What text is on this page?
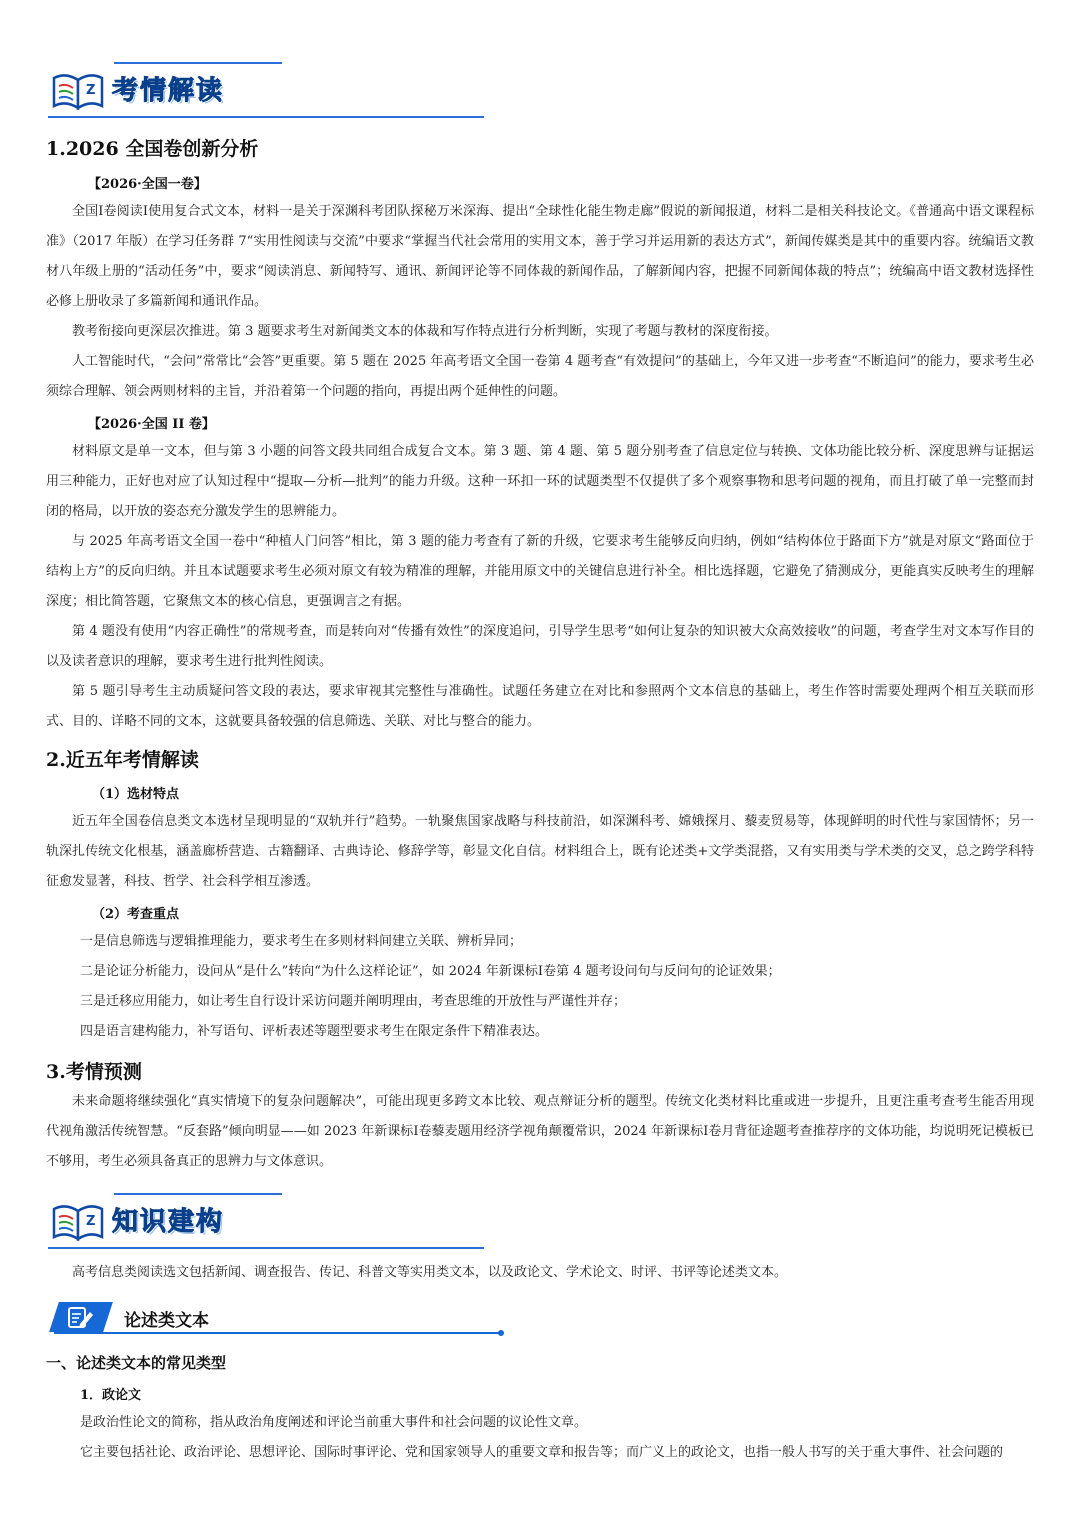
Z 考情解读
1.2026 全国卷创新分析
【2026·全国一卷】
全国Ⅰ卷阅读Ⅰ使用复合式文本，材料一是关于深渊科考团队探秘万米深海、提出“全球性化能生物走廊”假说的新闻报道，材料二是相关科技论文。《普通高中语文课程标准》（2017 年版）在学习任务群 7“实用性阅读与交流”中要求“掌握当代社会常用的实用文本，善于学习并运用新的表达方式”，新闻传媒类是其中的重要内容。统编语文教材八年级上册的“活动任务”中，要求“阅读消息、新闻特写、通讯、新闻评论等不同体裁的新闻作品，了解新闻内容，把握不同新闻体裁的特点”；统编高中语文教材选择性必修上册收录了多篇新闻和通讯作品。
教考衔接向更深层次推进。第 3 题要求考生对新闻类文本的体裁和写作特点进行分析判断，实现了考题与教材的深度衔接。
人工智能时代，“会问”常常比“会答”更重要。第 5 题在 2025 年高考语文全国一卷第 4 题考查“有效提问”的基础上，今年又进一步考查“不断追问”的能力，要求考生必须综合理解、领会两则材料的主旨，并沿着第一个问题的指向，再提出两个延伸性的问题。
【2026·全国 II 卷】
材料原文是单一文本，但与第 3 小题的问答文段共同组合成复合文本。第 3 题、第 4 题、第 5 题分别考查了信息定位与转换、文体功能比较分析、深度思辨与证据运用三种能力，正好也对应了认知过程中“提取—分析—批判”的能力升级。这种一环扣一环的试题类型不仅提供了多个观察事物和思考问题的视角，而且打破了单一完整而封闭的格局，以开放的姿态充分激发学生的思辨能力。
与 2025 年高考语文全国一卷中“种植人门问答”相比，第 3 题的能力考查有了新的升级，它要求考生能够反向归纳，例如“结构体位于路面下方”就是对原文“路面位于结构上方”的反向归纳。并且本试题要求考生必须对原文有较为精准的理解，并能用原文中的关键信息进行补全。相比选择题，它避免了猜测成分，更能真实反映考生的理解深度；相比简答题，它聚焦文本的核心信息，更强调言之有据。
第 4 题没有使用“内容正确性”的常规考查，而是转向对“传播有效性”的深度追问，引导学生思考“如何让复杂的知识被大众高效接收”的问题，考查学生对文本写作目的以及读者意识的理解，要求考生进行批判性阅读。
第 5 题引导考生主动质疑问答文段的表达，要求审视其完整性与准确性。试题任务建立在对比和参照两个文本信息的基础上，考生作答时需要处理两个相互关联而形式、目的、详略不同的文本，这就要具备较强的信息筛选、关联、对比与整合的能力。
2.近五年考情解读
（1）选材特点
近五年全国卷信息类文本选材呈现明显的“双轨并行”趋势。一轨聚焦国家战略与科技前沿，如深渊科考、嫦娥探月、藜麦贸易等，体现鲜明的时代性与家国情怀；另一轨深扎传统文化根基，涵盖廊桥营造、古籍翻译、古典诗论、修辞学等，彰显文化自信。材料组合上，既有论述类+文学类混搭，又有实用类与学术类的交叉，总之跨学科特征愈发显著，科技、哲学、社会科学相互渗透。
（2）考查重点
一是信息筛选与逻辑推理能力，要求考生在多则材料间建立关联、辨析异同；
二是论证分析能力，设问从“是什么”转向“为什么这样论证”，如 2024 年新课标Ⅰ卷第 4 题考设问句与反问句的论证效果；
三是迁移应用能力，如让考生自行设计采访问题并阐明理由，考查思维的开放性与严谨性并存；
四是语言建构能力，补写语句、评析表述等题型要求考生在限定条件下精准表达。
3.考情预测
未来命题将继续强化“真实情境下的复杂问题解决”，可能出现更多跨文本比较、观点辩证分析的题型。传统文化类材料比重或进一步提升，且更注重考查考生能否用现代视角激活传统智慧。“反套路”倾向明显——如 2023 年新课标Ⅰ卷藜麦题用经济学视角颠覆常识，2024 年新课标Ⅰ卷月背征途题考查推荐序的文体功能，均说明死记模板已不够用，考生必须具备真正的思辨力与文体意识。
Z 知识建构
高考信息类阅读选文包括新闻、调查报告、传记、科普文等实用类文本，以及政论文、学术论文、时评、书评等论述类文本。
论述类文本
一、论述类文本的常见类型
1．政论文
是政治性论文的简称，指从政治角度阐述和评论当前重大事件和社会问题的议论性文章。
它主要包括社论、政治评论、思想评论、国际时事评论、党和国家领导人的重要文章和报告等；而广义上的政论文，也指一般人书写的关于重大事件、社会问题的
